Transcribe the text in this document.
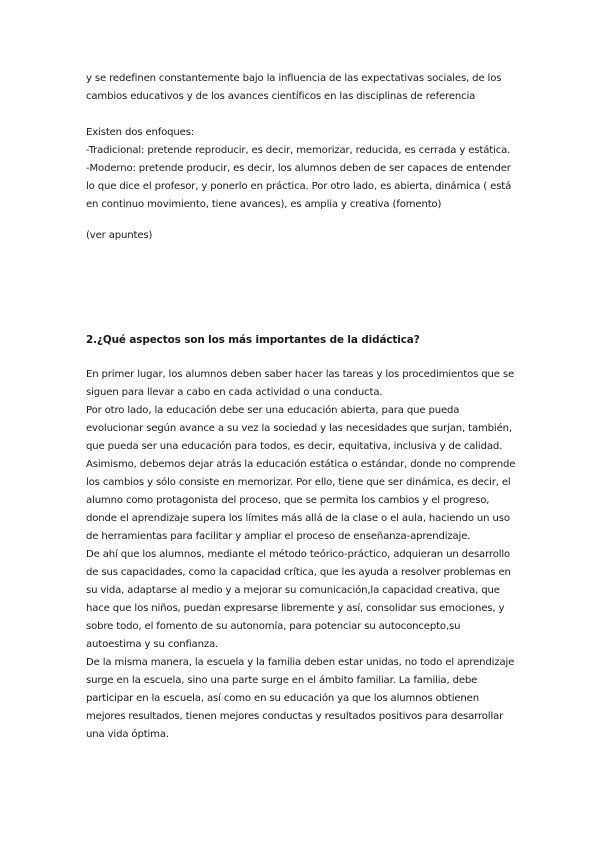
y se redefinen constantemente bajo la influencia de las expectativas sociales, de los
cambios educativos y de los avances científicos en las disciplinas de referencia
Existen dos enfoques:
-Tradicional: pretende reproducir, es decir, memorizar, reducida, es cerrada y estática.
-Moderno: pretende producir, es decir, los alumnos deben de ser capaces de entender
lo que dice el profesor, y ponerlo en práctica. Por otro lado, es abierta, dinámica ( está
en continuo movimiento, tiene avances), es amplia y creativa (fomento)
(ver apuntes)
2.¿Qué aspectos son los más importantes de la didáctica?
En primer lugar, los alumnos deben saber hacer las tareas y los procedimientos que se
siguen para llevar a cabo en cada actividad o una conducta.
Por otro lado, la educación debe ser una educación abierta, para que pueda
evolucionar según avance a su vez la sociedad y las necesidades que surjan, también,
que pueda ser una educación para todos, es decir, equitativa, inclusiva y de calidad.
Asimismo, debemos dejar atrás la educación estática o estándar, donde no comprende
los cambios y sólo consiste en memorizar. Por ello, tiene que ser dinámica, es decir, el
alumno como protagonista del proceso, que se permita los cambios y el progreso,
donde el aprendizaje supera los límites más allá de la clase o el aula, haciendo un uso
de herramientas para facilitar y ampliar el proceso de enseñanza-aprendizaje.
De ahí que los alumnos, mediante el método teórico-práctico, adquieran un desarrollo
de sus capacidades, como la capacidad crítica, que les ayuda a resolver problemas en
su vida, adaptarse al medio y a mejorar su comunicación,la capacidad creativa, que
hace que los niños, puedan expresarse libremente y así, consolidar sus emociones, y
sobre todo, el fomento de su autonomía, para potenciar su autoconcepto,su
autoestima y su confianza.
De la misma manera, la escuela y la familia deben estar unidas, no todo el aprendizaje
surge en la escuela, sino una parte surge en el ámbito familiar. La familia, debe
participar en la escuela, así como en su educación ya que los alumnos obtienen
mejores resultados, tienen mejores conductas y resultados positivos para desarrollar
una vida óptima.
